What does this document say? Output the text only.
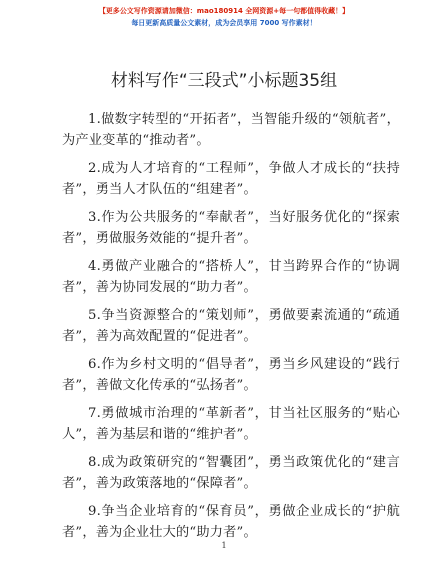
【更多公文写作资源请加微信：mao180914 全网资源+每一句都值得收藏！】
每日更新高质量公文素材，成为会员享用 7000 写作素材！
材料写作“三段式”小标题35组

1.做数字转型的“开拓者”，当智能升级的“领航者”，为产业变革的“推动者”。

2.成为人才培育的“工程师”，争做人才成长的“扶持者”，勇当人才队伍的“组建者”。

3.作为公共服务的“奉献者”，当好服务优化的“探索者”，勇做服务效能的“提升者”。

4.勇做产业融合的“搭桥人”，甘当跨界合作的“协调者”，善为协同发展的“助力者”。

5.争当资源整合的“策划师”，勇做要素流通的“疏通者”，善为高效配置的“促进者”。

6.作为乡村文明的“倡导者”，勇当乡风建设的“践行者”，善做文化传承的“弘扬者”。

7.勇做城市治理的“革新者”，甘当社区服务的“贴心人”，善为基层和谐的“维护者”。

8.成为政策研究的“智囊团”，勇当政策优化的“建言者”，善为政策落地的“保障者”。

9.争当企业培育的“保育员”，勇做企业成长的“护航者”，善为企业壮大的“助力者”。

1
